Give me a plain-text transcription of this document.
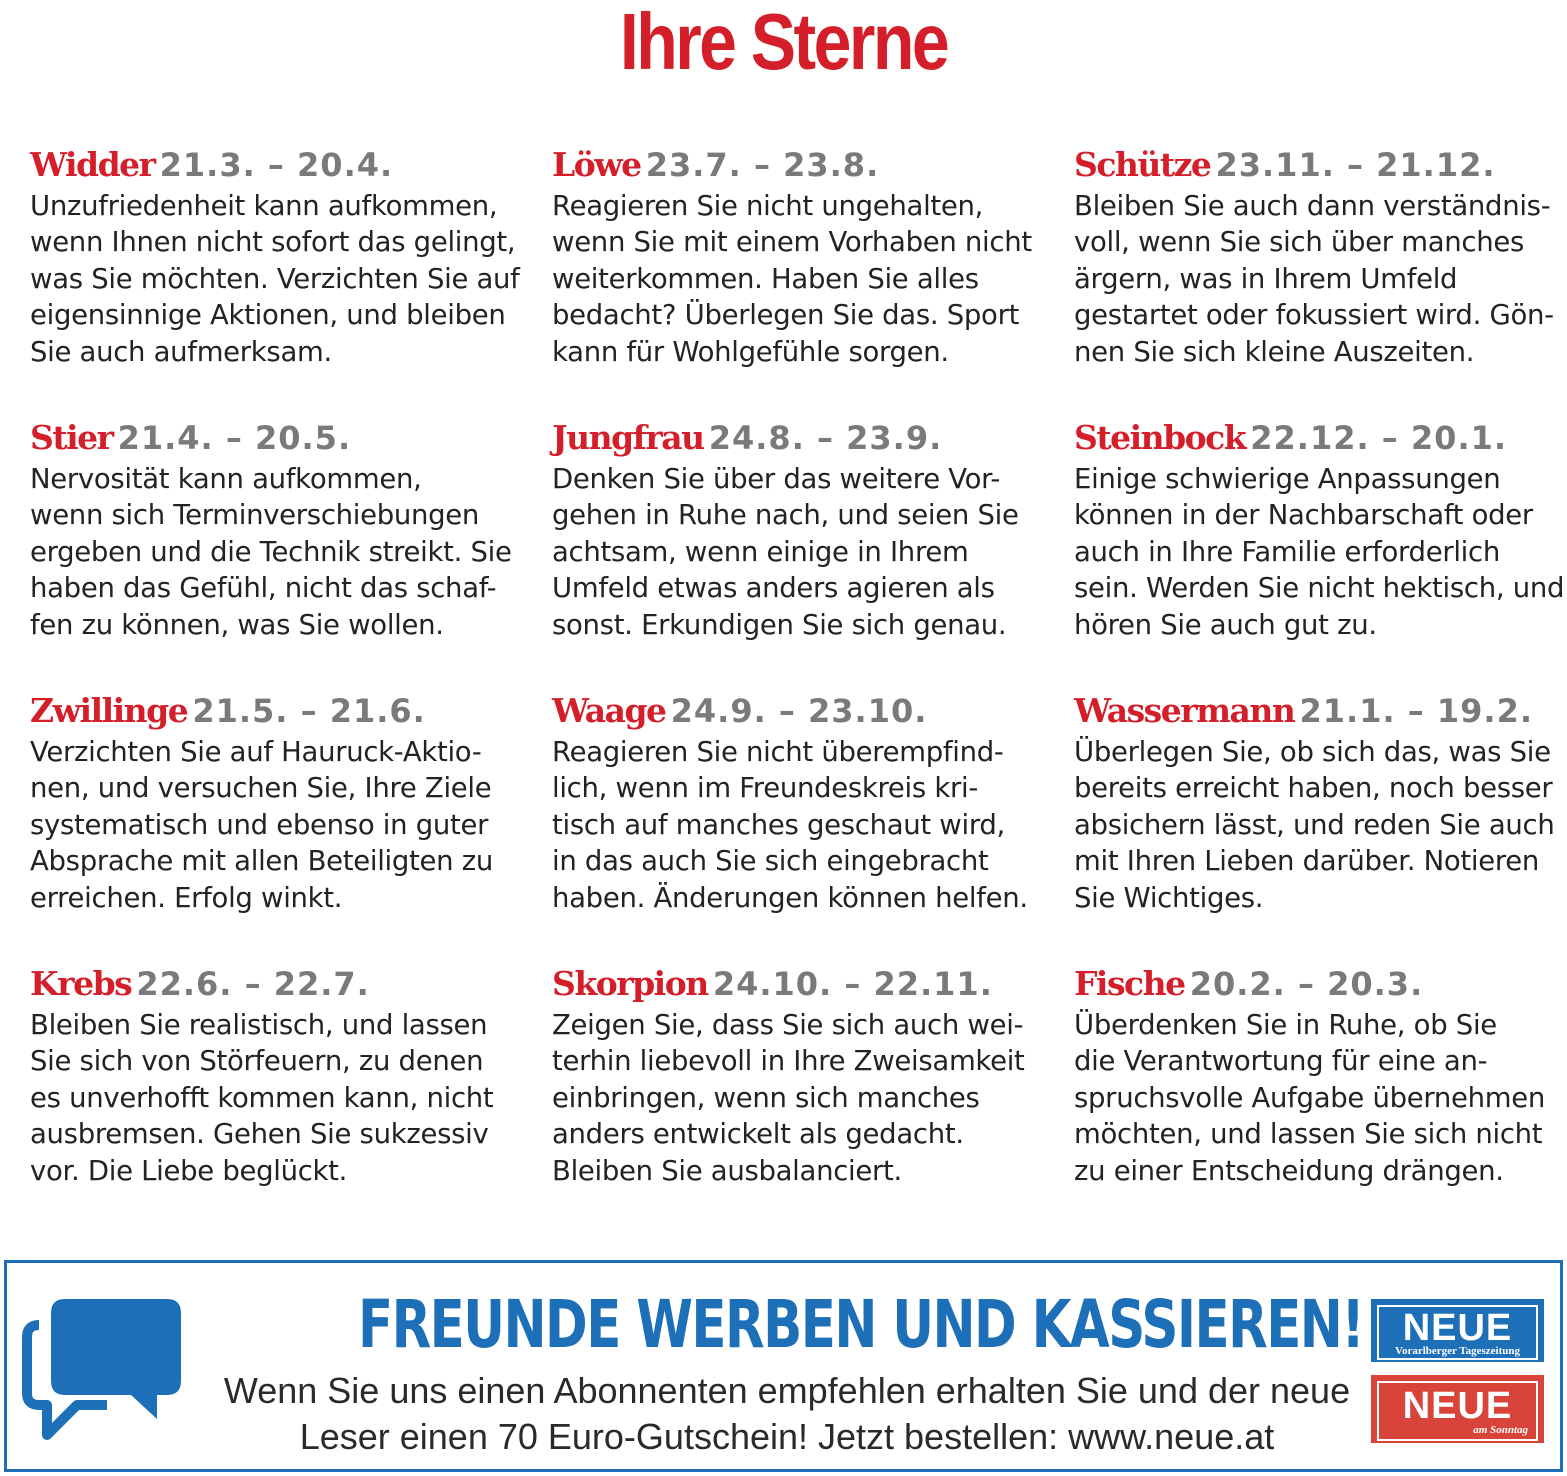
Ihre Sterne
Widder 21.3. – 20.4.
Unzufriedenheit kann aufkommen,
wenn Ihnen nicht sofort das gelingt,
was Sie möchten. Verzichten Sie auf
eigensinnige Aktionen, und bleiben
Sie auch aufmerksam.
Löwe 23.7. – 23.8.
Reagieren Sie nicht ungehalten,
wenn Sie mit einem Vorhaben nicht
weiterkommen. Haben Sie alles
bedacht? Überlegen Sie das. Sport
kann für Wohlgefühle sorgen.
Schütze 23.11. – 21.12.
Bleiben Sie auch dann verständnis-
voll, wenn Sie sich über manches
ärgern, was in Ihrem Umfeld
gestartet oder fokussiert wird. Gön-
nen Sie sich kleine Auszeiten.
Stier 21.4. – 20.5.
Nervosität kann aufkommen,
wenn sich Terminverschiebungen
ergeben und die Technik streikt. Sie
haben das Gefühl, nicht das schaf-
fen zu können, was Sie wollen.
Jungfrau 24.8. – 23.9.
Denken Sie über das weitere Vor-
gehen in Ruhe nach, und seien Sie
achtsam, wenn einige in Ihrem
Umfeld etwas anders agieren als
sonst. Erkundigen Sie sich genau.
Steinbock 22.12. – 20.1.
Einige schwierige Anpassungen
können in der Nachbarschaft oder
auch in Ihre Familie erforderlich
sein. Werden Sie nicht hektisch, und
hören Sie auch gut zu.
Zwillinge 21.5. – 21.6.
Verzichten Sie auf Hauruck-Aktio-
nen, und versuchen Sie, Ihre Ziele
systematisch und ebenso in guter
Absprache mit allen Beteiligten zu
erreichen. Erfolg winkt.
Waage 24.9. – 23.10.
Reagieren Sie nicht überempfind-
lich, wenn im Freundeskreis kri-
tisch auf manches geschaut wird,
in das auch Sie sich eingebracht
haben. Änderungen können helfen.
Wassermann 21.1. – 19.2.
Überlegen Sie, ob sich das, was Sie
bereits erreicht haben, noch besser
absichern lässt, und reden Sie auch
mit Ihren Lieben darüber. Notieren
Sie Wichtiges.
Krebs 22.6. – 22.7.
Bleiben Sie realistisch, und lassen
Sie sich von Störfeuern, zu denen
es unverhofft kommen kann, nicht
ausbremsen. Gehen Sie sukzessiv
vor. Die Liebe beglückt.
Skorpion 24.10. – 22.11.
Zeigen Sie, dass Sie sich auch wei-
terhin liebevoll in Ihre Zweisamkeit
einbringen, wenn sich manches
anders entwickelt als gedacht.
Bleiben Sie ausbalanciert.
Fische 20.2. – 20.3.
Überdenken Sie in Ruhe, ob Sie
die Verantwortung für eine an-
spruchsvolle Aufgabe übernehmen
möchten, und lassen Sie sich nicht
zu einer Entscheidung drängen.
FREUNDE WERBEN UND KASSIEREN!
Wenn Sie uns einen Abonnenten empfehlen erhalten Sie und der neue
Leser einen 70 Euro-Gutschein! Jetzt bestellen: www.neue.at
NEUE
Vorarlberger Tageszeitung
NEUE
am Sonntag
